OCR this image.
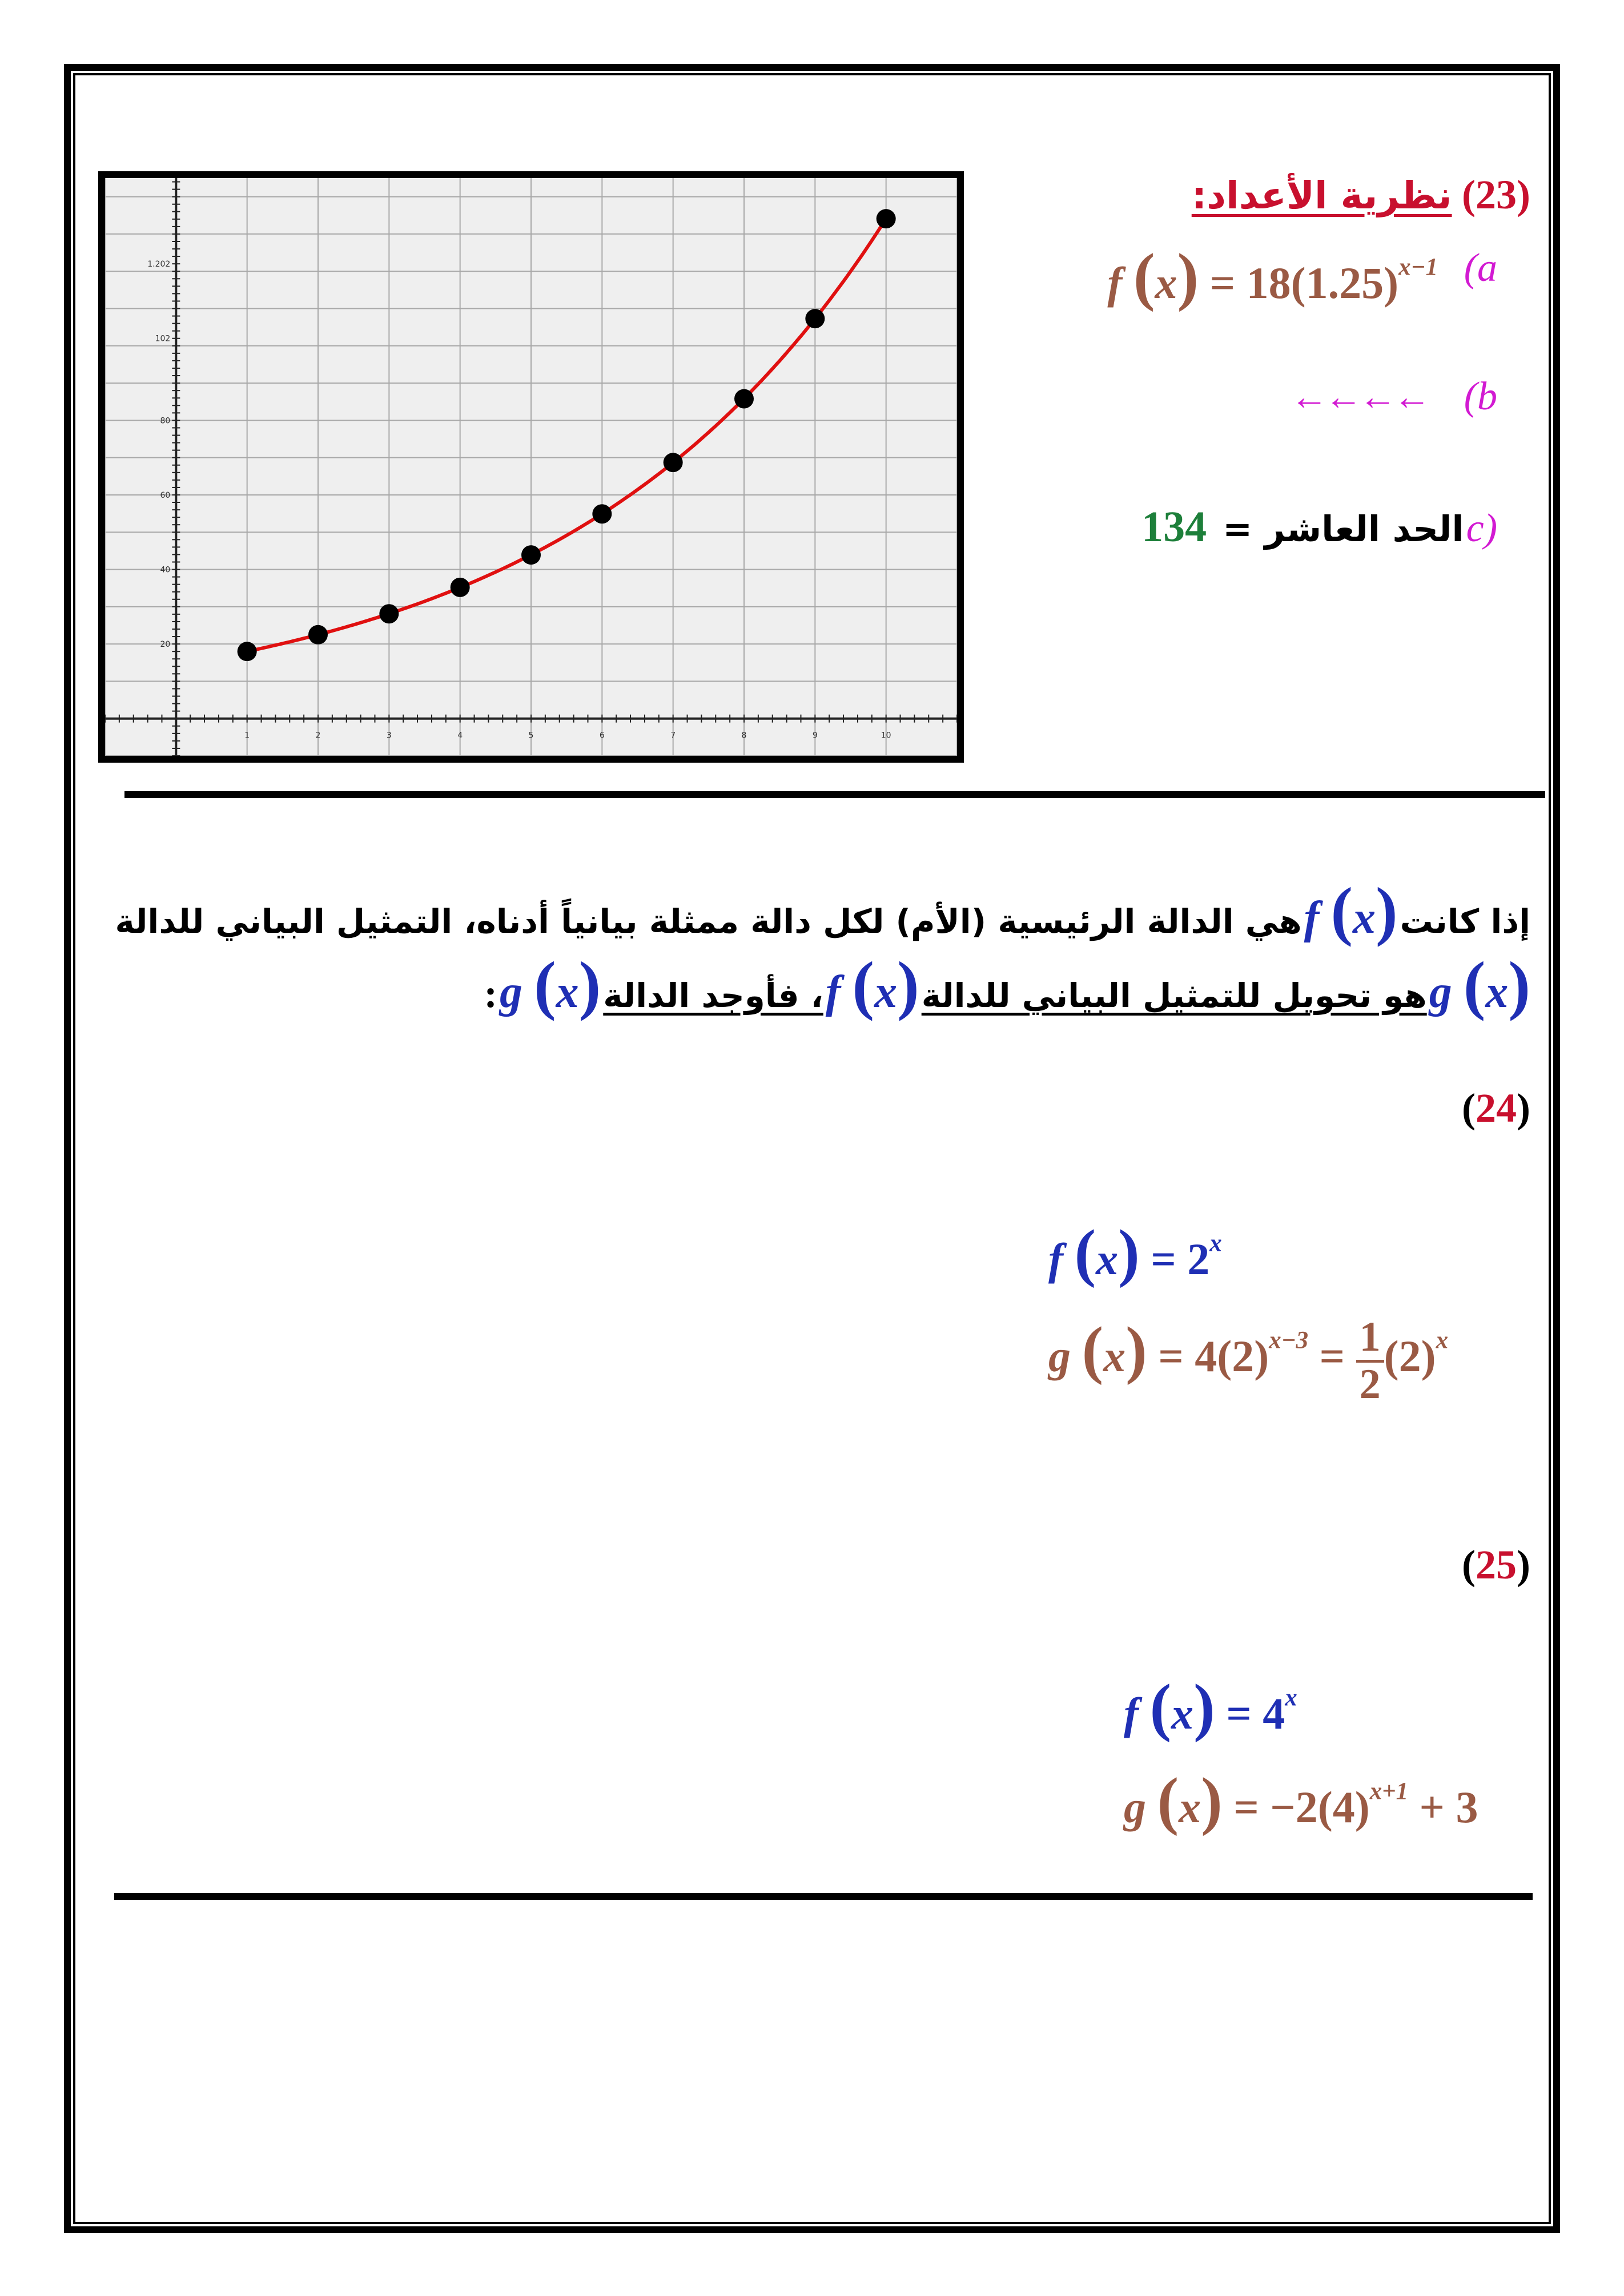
1	2	3	4	5	6	7	8	9	10
20
40
60
80
102
1.202
(23) نظرية الأعداد:
f $(x) = 18(1.25)^{x-1}$ (a
←←←← (b
(c الحد العاشر = 134
إذا كانت (x) f هي الدالة الرئيسية (الأم) لكل دالة ممثلة بيانياً أدناه، التمثيل البياني للدالة
(x) g هو تحويل للتمثيل البياني للدالة (x) f ، فأوجد الدالة (x) g :
(24)
f $(x) = 2^x$
g $(x) = 4(2)^{x-3} = \frac{1}{2} (2)^x$
(25)
f $(x) = 4^x$
g $(x) = -2(4)^{x+1} + 3$
